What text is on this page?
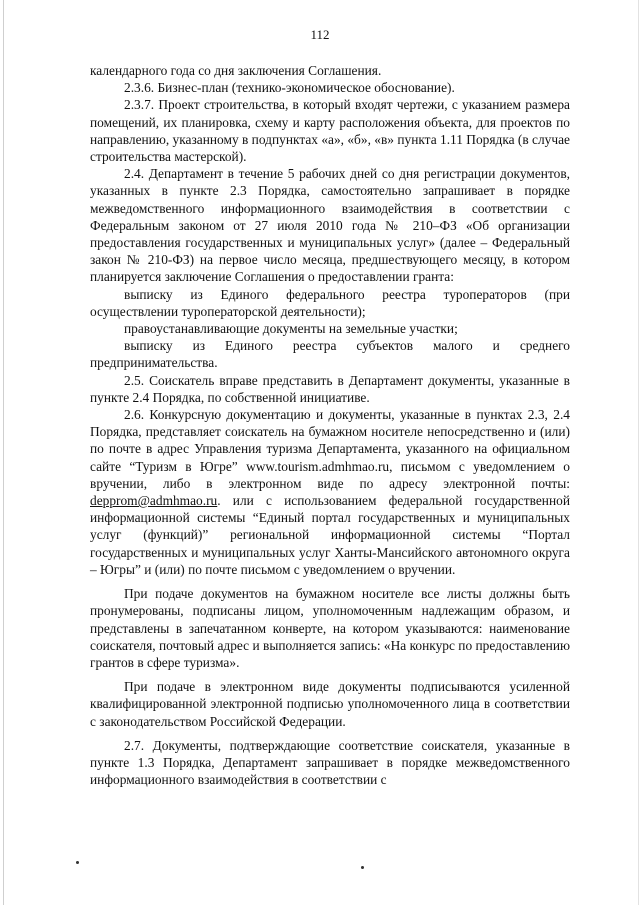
112

календарного года со дня заключения Соглашения.

2.3.6. Бизнес-план (технико-экономическое обоснование).

2.3.7. Проект строительства, в который входят чертежи, с указанием размера помещений, их планировка, схему и карту расположения объекта, для проектов по направлению, указанному в подпунктах «а», «б», «в» пункта 1.11 Порядка (в случае строительства мастерской).

2.4. Департамент в течение 5 рабочих дней со дня регистрации документов, указанных в пункте 2.3 Порядка, самостоятельно запрашивает в порядке межведомственного информационного взаимодействия в соответствии с Федеральным законом от 27 июля 2010 года № 210–ФЗ «Об организации предоставления государственных и муниципальных услуг» (далее – Федеральный закон № 210-ФЗ) на первое число месяца, предшествующего месяцу, в котором планируется заключение Соглашения о предоставлении гранта:

выписку из Единого федерального реестра туроператоров (при осуществлении туроператорской деятельности);

правоустанавливающие документы на земельные участки;

выписку из Единого реестра субъектов малого и среднего предпринимательства.

2.5. Соискатель вправе представить в Департамент документы, указанные в пункте 2.4 Порядка, по собственной инициативе.

2.6. Конкурсную документацию и документы, указанные в пунктах 2.3, 2.4 Порядка, представляет соискатель на бумажном носителе непосредственно и (или) по почте в адрес Управления туризма Департамента, указанного на официальном сайте “Туризм в Югре” www.tourism.admhmao.ru, письмом с уведомлением о вручении, либо в электронном виде по адресу электронной почты: depprom@admhmao.ru. или с использованием федеральной государственной информационной системы “Единый портал государственных и муниципальных услуг (функций)” региональной информационной системы “Портал государственных и муниципальных услуг Ханты-Мансийского автономного округа – Югры” и (или) по почте письмом с уведомлением о вручении.

При подаче документов на бумажном носителе все листы должны быть пронумерованы, подписаны лицом, уполномоченным надлежащим образом, и представлены в запечатанном конверте, на котором указываются: наименование соискателя, почтовый адрес и выполняется запись: «На конкурс по предоставлению грантов в сфере туризма».

При подаче в электронном виде документы подписываются усиленной квалифицированной электронной подписью уполномоченного лица в соответствии с законодательством Российской Федерации.

2.7. Документы, подтверждающие соответствие соискателя, указанные в пункте 1.3 Порядка, Департамент запрашивает в порядке межведомственного информационного взаимодействия в соответствии с
